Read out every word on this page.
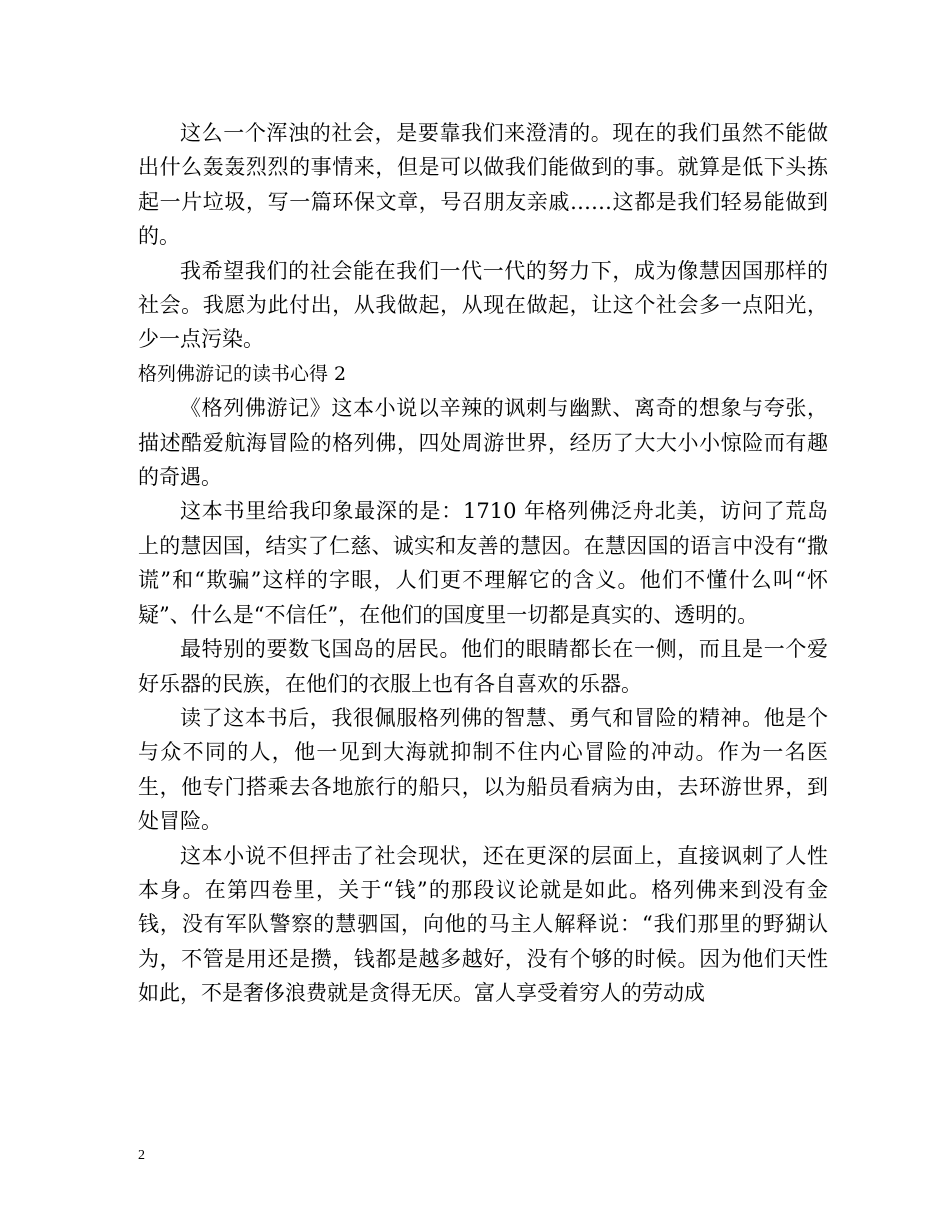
这么一个浑浊的社会，是要靠我们来澄清的。现在的我们虽然不能做出什么轰轰烈烈的事情来，但是可以做我们能做到的事。就算是低下头拣起一片垃圾，写一篇环保文章，号召朋友亲戚……这都是我们轻易能做到的。

我希望我们的社会能在我们一代一代的努力下，成为像慧因国那样的社会。我愿为此付出，从我做起，从现在做起，让这个社会多一点阳光，少一点污染。

格列佛游记的读书心得 2

《格列佛游记》这本小说以辛辣的讽刺与幽默、离奇的想象与夸张，描述酷爱航海冒险的格列佛，四处周游世界，经历了大大小小惊险而有趣的奇遇。

这本书里给我印象最深的是：1710 年格列佛泛舟北美，访问了荒岛上的慧因国，结实了仁慈、诚实和友善的慧因。在慧因国的语言中没有“撒谎”和“欺骗”这样的字眼，人们更不理解它的含义。他们不懂什么叫“怀疑”、什么是“不信任”，在他们的国度里一切都是真实的、透明的。

最特别的要数飞国岛的居民。他们的眼睛都长在一侧，而且是一个爱好乐器的民族，在他们的衣服上也有各自喜欢的乐器。

读了这本书后，我很佩服格列佛的智慧、勇气和冒险的精神。他是个与众不同的人，他一见到大海就抑制不住内心冒险的冲动。作为一名医生，他专门搭乘去各地旅行的船只，以为船员看病为由，去环游世界，到处冒险。

这本小说不但抨击了社会现状，还在更深的层面上，直接讽刺了人性本身。在第四卷里，关于“钱”的那段议论就是如此。格列佛来到没有金钱，没有军队警察的慧驷国，向他的马主人解释说：“我们那里的野猢认为，不管是用还是攒，钱都是越多越好，没有个够的时候。因为他们天性如此，不是奢侈浪费就是贪得无厌。富人享受着穷人的劳动成

2
